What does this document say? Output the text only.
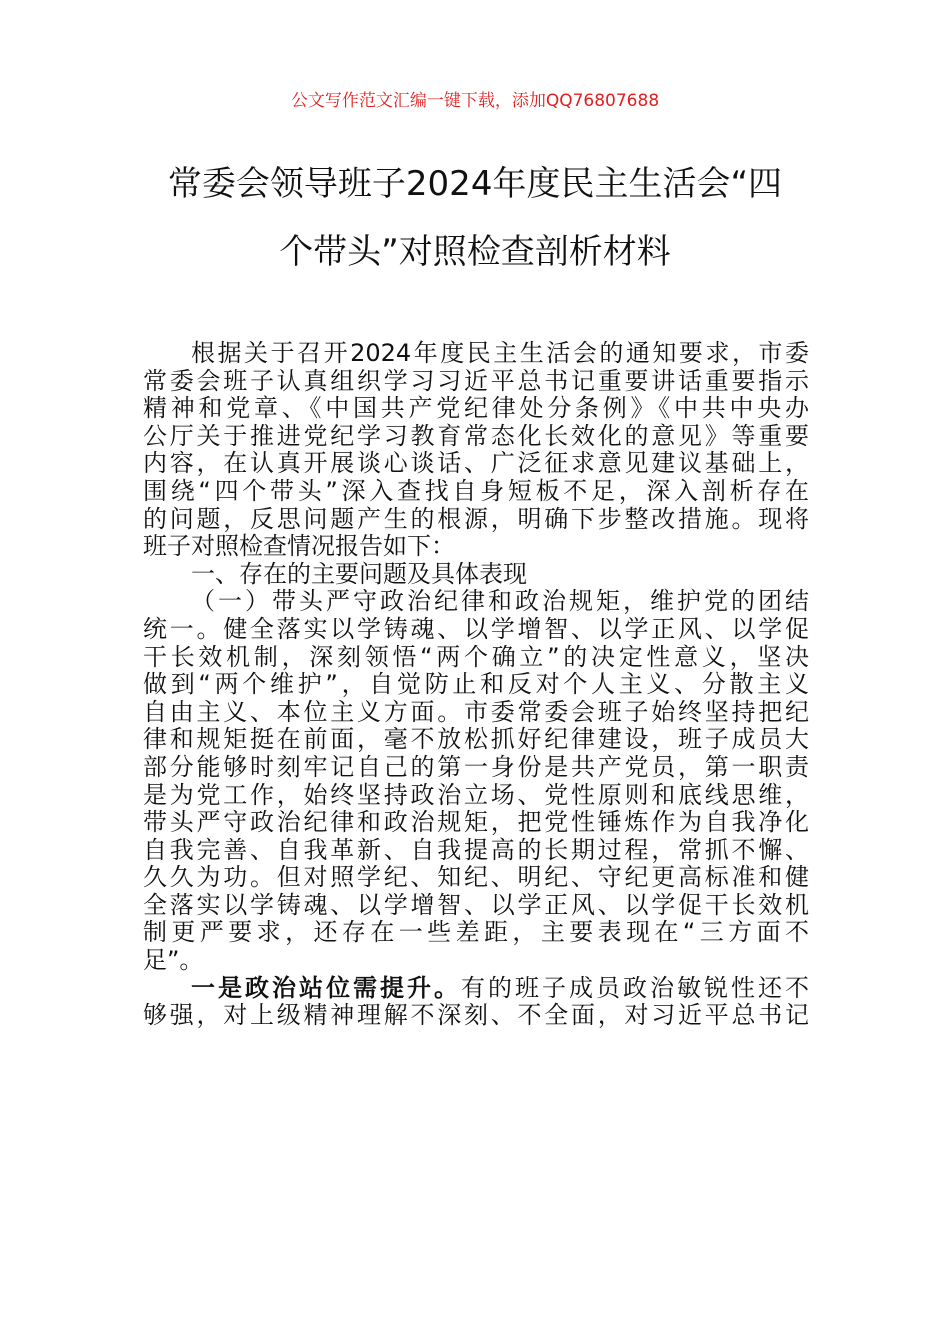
公文写作范文汇编一键下载，添加QQ76807688
常委会领导班子2024年度民主生活会“四
个带头”对照检查剖析材料
根据关于召开2024年度民主生活会的通知要求，市委
常委会班子认真组织学习习近平总书记重要讲话重要指示
精神和党章、《中国共产党纪律处分条例》《中共中央办
公厅关于推进党纪学习教育常态化长效化的意见》等重要
内容，在认真开展谈心谈话、广泛征求意见建议基础上，
围绕“四个带头”深入查找自身短板不足，深入剖析存在
的问题，反思问题产生的根源，明确下步整改措施。现将
班子对照检查情况报告如下：
一、存在的主要问题及具体表现
（一）带头严守政治纪律和政治规矩，维护党的团结
统一。健全落实以学铸魂、以学增智、以学正风、以学促
干长效机制，深刻领悟“两个确立”的决定性意义，坚决
做到“两个维护”，自觉防止和反对个人主义、分散主义
自由主义、本位主义方面。市委常委会班子始终坚持把纪
律和规矩挺在前面，毫不放松抓好纪律建设，班子成员大
部分能够时刻牢记自己的第一身份是共产党员，第一职责
是为党工作，始终坚持政治立场、党性原则和底线思维，
带头严守政治纪律和政治规矩，把党性锤炼作为自我净化
自我完善、自我革新、自我提高的长期过程，常抓不懈、
久久为功。但对照学纪、知纪、明纪、守纪更高标准和健
全落实以学铸魂、以学增智、以学正风、以学促干长效机
制更严要求，还存在一些差距，主要表现在“三方面不
足”。
一是政治站位需提升。有的班子成员政治敏锐性还不
够强，对上级精神理解不深刻、不全面，对习近平总书记
